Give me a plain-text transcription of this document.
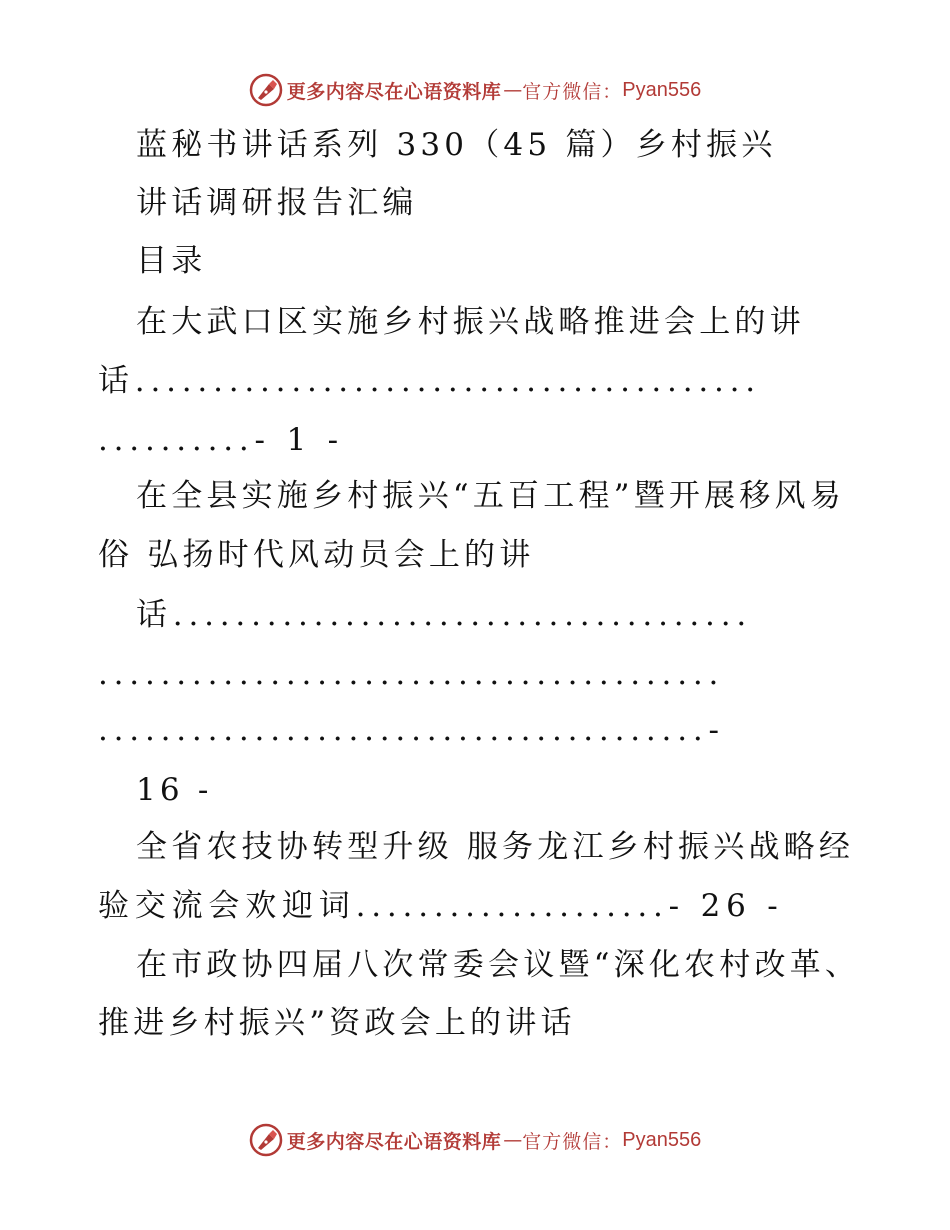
更多内容尽在心语资料库 — 官方微信： Pyan556
蓝秘书讲话系列 330（45 篇）乡村振兴
讲话调研报告汇编
目录
在大武口区实施乡村振兴战略推进会上的讲
话........................................
..........- 1 -
在全县实施乡村振兴“五百工程”暨开展移风易
俗 弘扬时代风动员会上的讲
话.....................................
........................................
.......................................-
16 -
全省农技协转型升级 服务龙江乡村振兴战略经
验交流会欢迎词....................- 26 -
在市政协四届八次常委会议暨“深化农村改革、
推进乡村振兴”资政会上的讲话
更多内容尽在心语资料库 — 官方微信： Pyan556
